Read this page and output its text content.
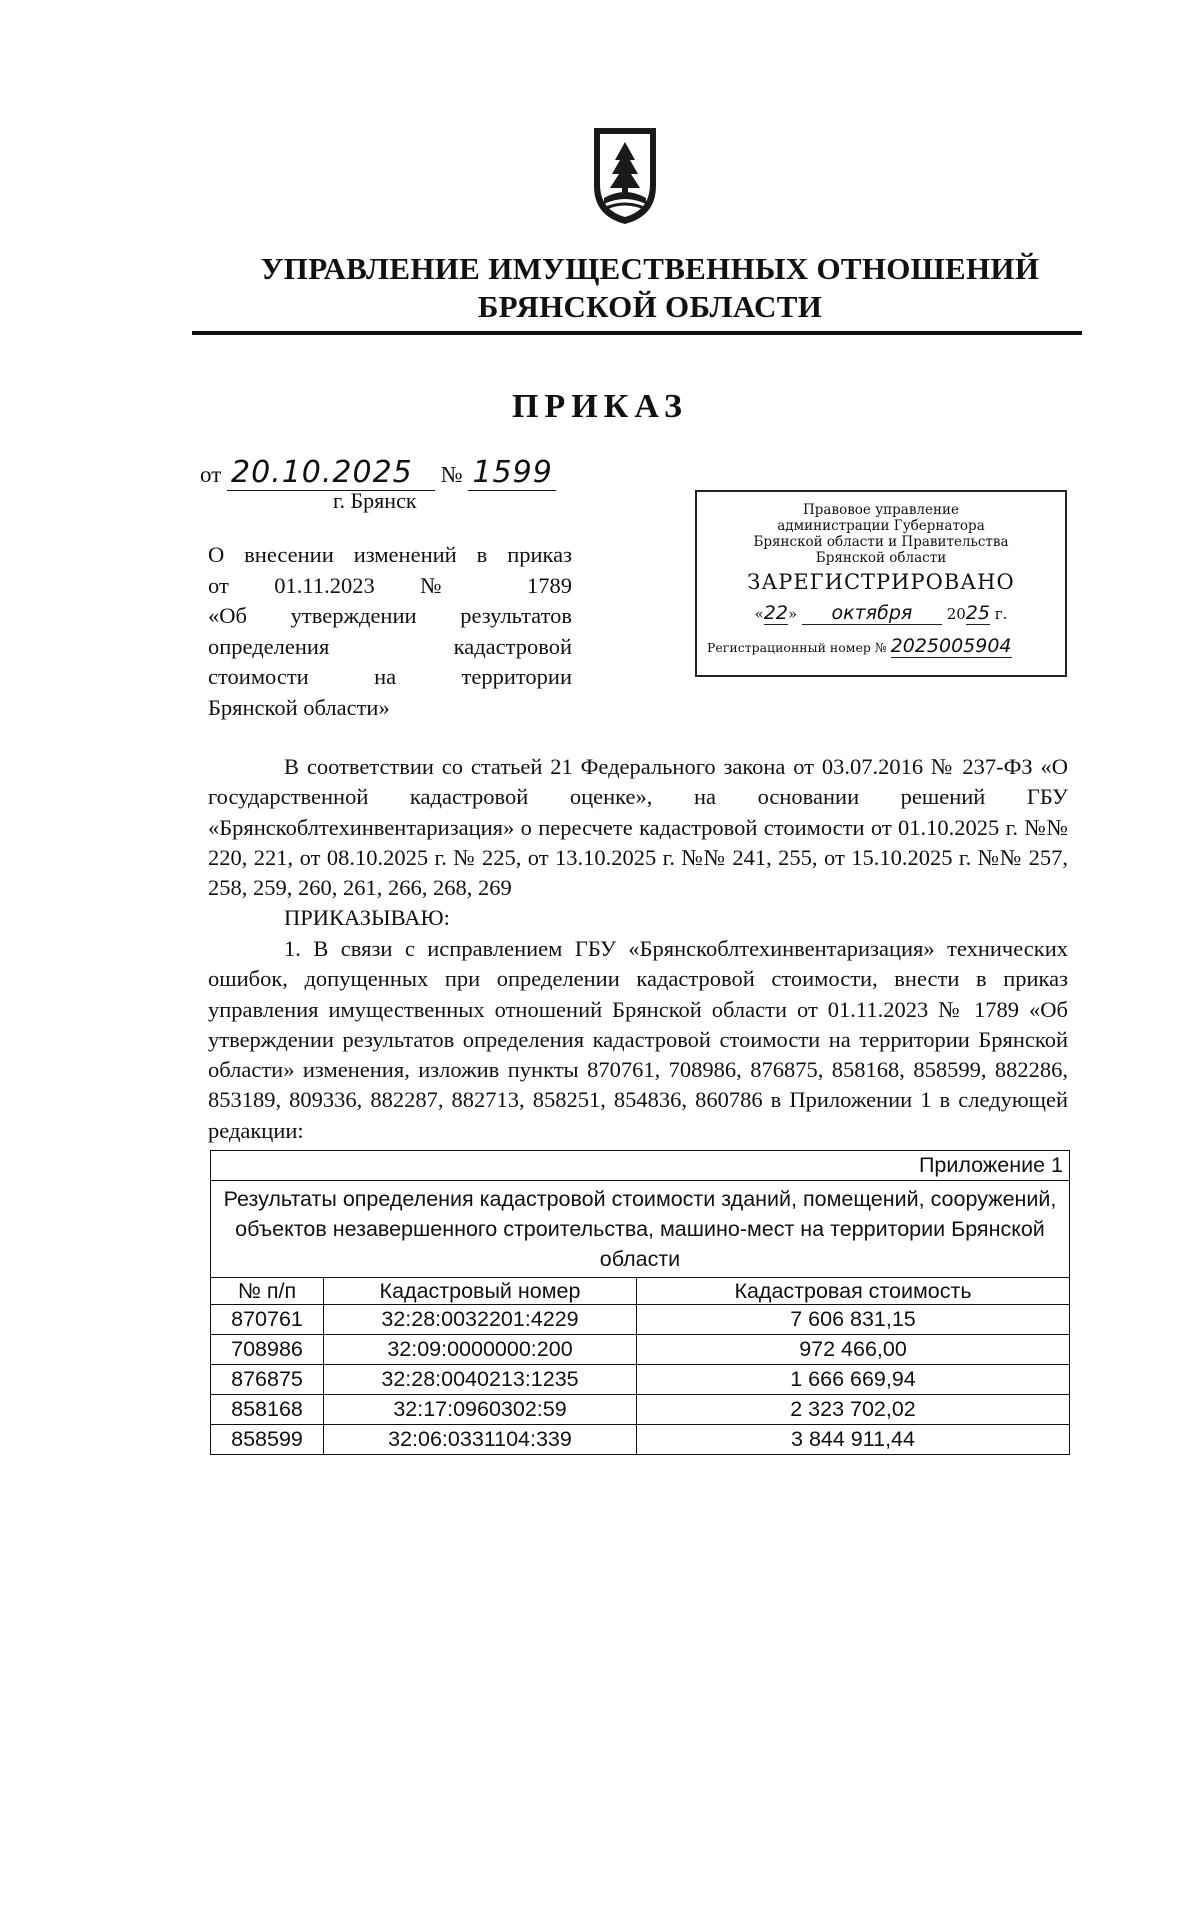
УПРАВЛЕНИЕ ИМУЩЕСТВЕННЫХ ОТНОШЕНИЙ
БРЯНСКОЙ ОБЛАСТИ
ПРИКАЗ
от 20.10.2025 № 1599
г. Брянск
О внесении изменений в приказ
от 01.11.2023 № 1789
«Об утверждении результатов
определения кадастровой
стоимости на территории
Брянской области»
Правовое управление
администрации Губернатора
Брянской области и Правительства
Брянской области
ЗАРЕГИСТРИРОВАНО
«22» октября 2025 г.
Регистрационный номер № 2025005904
В соответствии со статьей 21 Федерального закона от 03.07.2016 № 237-ФЗ «О государственной кадастровой оценке», на основании решений ГБУ «Брянскоблтехинвентаризация» о пересчете кадастровой стоимости от 01.10.2025 г. №№ 220, 221, от 08.10.2025 г. № 225, от 13.10.2025 г. №№ 241, 255, от 15.10.2025 г. №№ 257, 258, 259, 260, 261, 266, 268, 269
ПРИКАЗЫВАЮ:
1. В связи с исправлением ГБУ «Брянскоблтехинвентаризация» технических ошибок, допущенных при определении кадастровой стоимости, внести в приказ управления имущественных отношений Брянской области от 01.11.2023 № 1789 «Об утверждении результатов определения кадастровой стоимости на территории Брянской области» изменения, изложив пункты 870761, 708986, 876875, 858168, 858599, 882286, 853189, 809336, 882287, 882713, 858251, 854836, 860786 в Приложении 1 в следующей редакции:
Приложение 1		
Результаты определения кадастровой стоимости зданий, помещений, сооружений, объектов незавершенного строительства, машино-мест на территории Брянской области		
№ п/п	Кадастровый номер	Кадастровая стоимость
870761	32:28:0032201:4229	7 606 831,15
708986	32:09:0000000:200	972 466,00
876875	32:28:0040213:1235	1 666 669,94
858168	32:17:0960302:59	2 323 702,02
858599	32:06:0331104:339	3 844 911,44
